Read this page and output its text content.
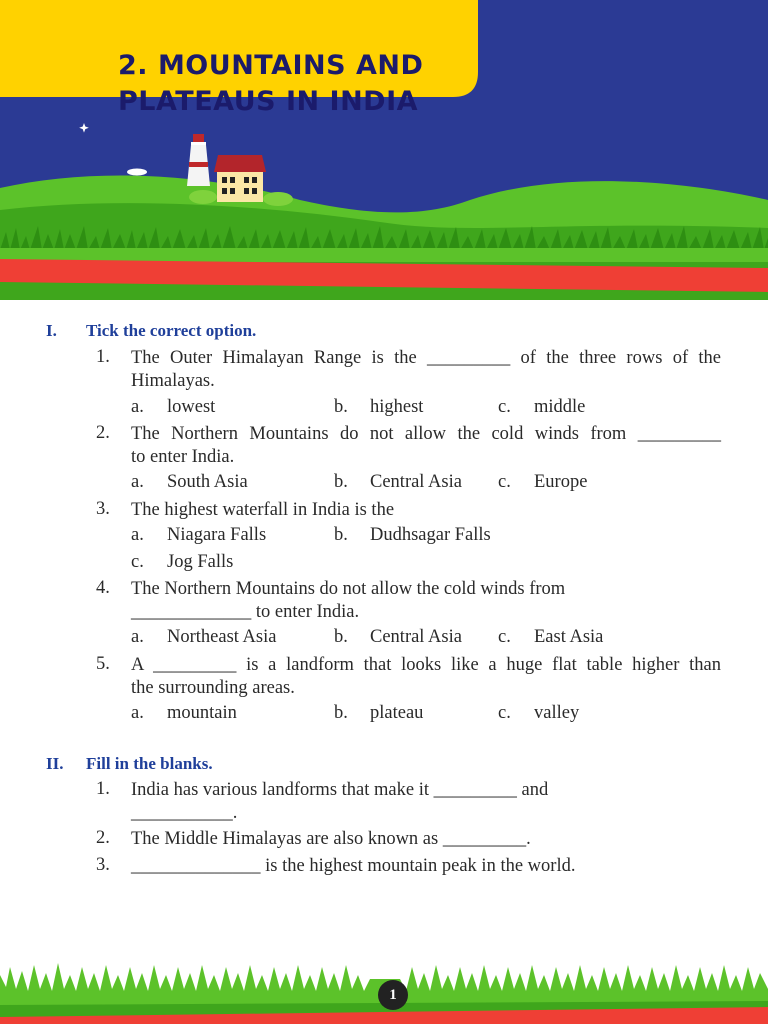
2. MOUNTAINS AND
PLATEAUS IN INDIA
I. Tick the correct option.
1. The Outer Himalayan Range is the _________ of the three rows of the
Himalayas.
a. lowest	b. highest	c. middle
2. The Northern Mountains do not allow the cold winds from _________
to enter India.
a. South Asia	b. Central Asia c. Europe
3. The highest waterfall in India is the
a. Niagara Falls	b. Dudhsagar Falls
c. Jog Falls
4. The Northern Mountains do not allow the cold winds from
_____________ to enter India.
a. Northeast Asia	b. Central Asia c. East Asia
5. A _________ is a landform that looks like a huge flat table higher than
the surrounding areas.
a. mountain	b. plateau	c. valley
II. Fill in the blanks.
1. India has various landforms that make it _________ and
___________.
2. The Middle Himalayas are also known as _________.
3. ______________ is the highest mountain peak in the world.
1
